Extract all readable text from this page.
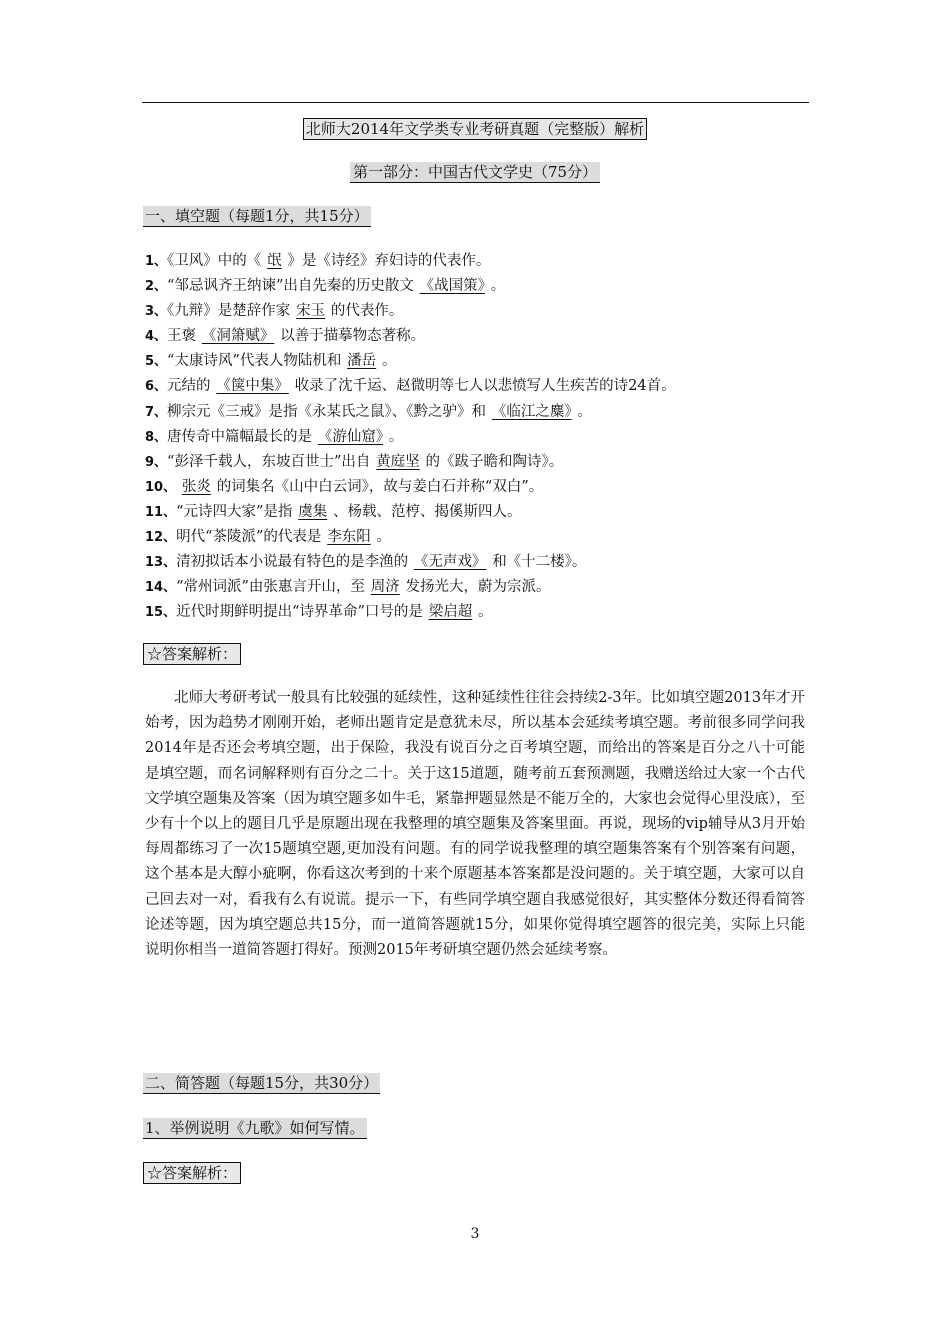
北师大2014年文学类专业考研真题（完整版）解析
第一部分：中国古代文学史（75分）
一、填空题（每题1分，共15分）
1、《卫风》中的《 氓 》是《诗经》弃妇诗的代表作。
2、“邹忌讽齐王纳谏”出自先秦的历史散文 《战国策》 。
3、《九辩》是楚辞作家 宋玉 的代表作。
4、王褒 《洞箫赋》 以善于描摹物态著称。
5、“太康诗风”代表人物陆机和 潘岳 。
6、元结的 《箧中集》 收录了沈千运、赵微明等七人以悲愤写人生疾苦的诗24首。
7、柳宗元《三戒》是指《永某氏之鼠》、《黔之驴》和 《临江之麋》 。
8、唐传奇中篇幅最长的是 《游仙窟》 。
9、“彭泽千载人，东坡百世士”出自 黄庭坚 的《跋子瞻和陶诗》。
10、 张炎 的词集名《山中白云词》，故与姜白石并称“双白”。
11、“元诗四大家”是指 虞集 、杨载、范梈、揭傒斯四人。
12、明代“茶陵派”的代表是 李东阳 。
13、清初拟话本小说最有特色的是李渔的 《无声戏》 和《十二楼》。
14、“常州词派”由张惠言开山，至 周济 发扬光大，蔚为宗派。
15、近代时期鲜明提出“诗界革命”口号的是 梁启超 。
☆答案解析：

北师大考研考试一般具有比较强的延续性，这种延续性往往会持续2-3年。比如填空题2013年才开始考，因为趋势才刚刚开始，老师出题肯定是意犹未尽，所以基本会延续考填空题。考前很多同学问我2014年是否还会考填空题，出于保险，我没有说百分之百考填空题，而给出的答案是百分之八十可能是填空题，而名词解释则有百分之二十。关于这15道题，随考前五套预测题，我赠送给过大家一个古代文学填空题集及答案（因为填空题多如牛毛，紧靠押题显然是不能万全的，大家也会觉得心里没底），至少有十个以上的题目几乎是原题出现在我整理的填空题集及答案里面。再说，现场的vip辅导从3月开始每周都练习了一次15题填空题,更加没有问题。有的同学说我整理的填空题集答案有个别答案有问题，这个基本是大醇小疵啊，你看这次考到的十来个原题基本答案都是没问题的。关于填空题，大家可以自己回去对一对，看我有么有说谎。提示一下，有些同学填空题自我感觉很好，其实整体分数还得看简答论述等题，因为填空题总共15分，而一道简答题就15分，如果你觉得填空题答的很完美，实际上只能说明你相当一道简答题打得好。预测2015年考研填空题仍然会延续考察。

二、简答题（每题15分，共30分）
1、举例说明《九歌》如何写情。
☆答案解析：
3
